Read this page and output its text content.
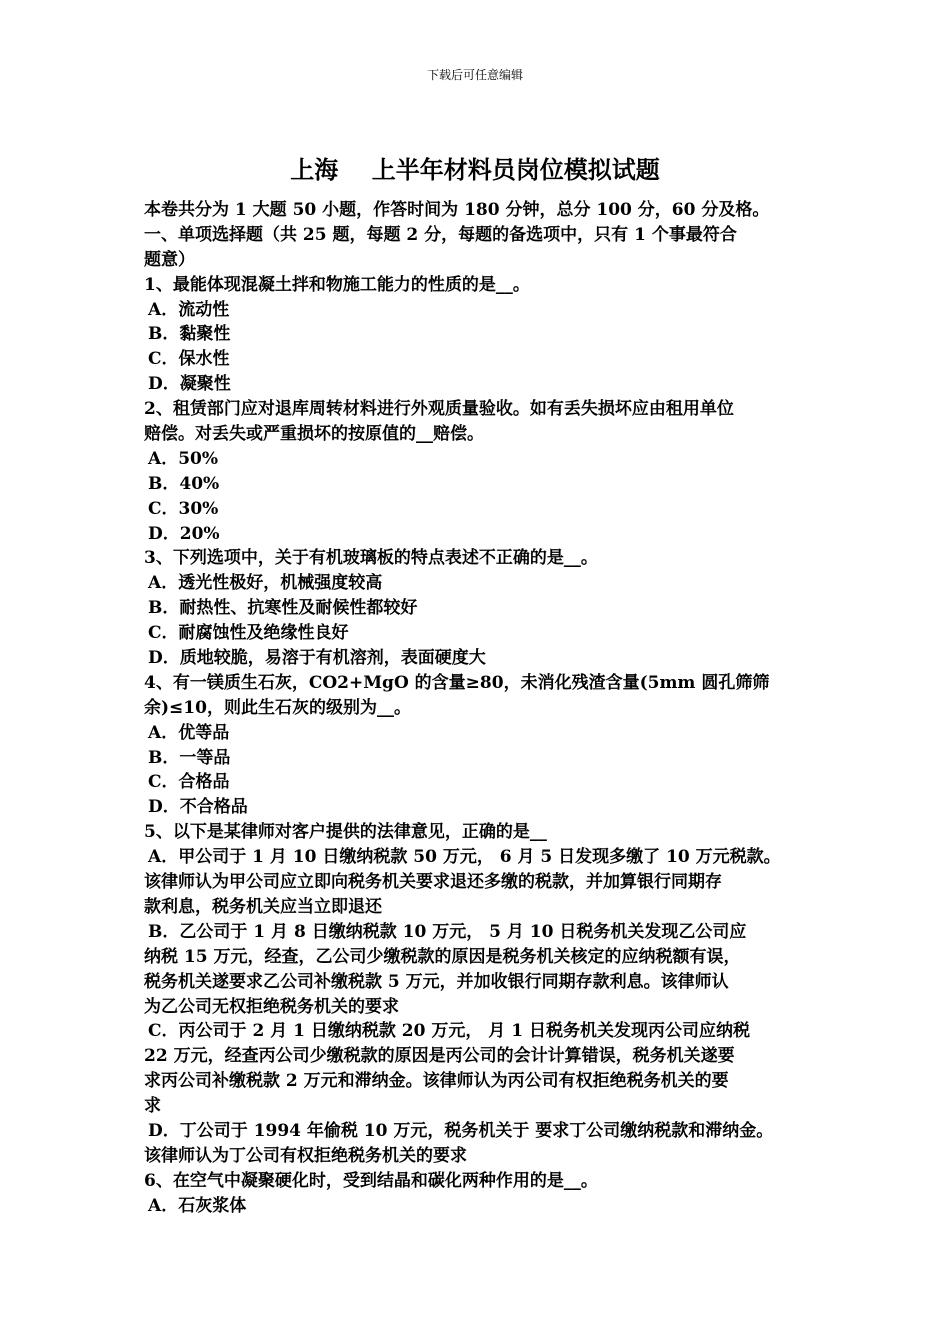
下载后可任意编辑
上海    上半年材料员岗位模拟试题
本卷共分为 1 大题 50 小题，作答时间为 180 分钟，总分 100 分，60 分及格。
一、单项选择题（共 25 题，每题 2 分，每题的备选项中，只有 1 个事最符合
题意）
1、最能体现混凝土拌和物施工能力的性质的是__。
A．流动性
B．黏聚性
C．保水性
D．凝聚性
2、租赁部门应对退库周转材料进行外观质量验收。如有丢失损坏应由租用单位
赔偿。对丢失或严重损坏的按原值的__赔偿。
A．50%
B．40%
C．30%
D．20%
3、下列选项中，关于有机玻璃板的特点表述不正确的是__。
A．透光性极好，机械强度较高
B．耐热性、抗寒性及耐候性都较好
C．耐腐蚀性及绝缘性良好
D．质地较脆，易溶于有机溶剂，表面硬度大
4、有一镁质生石灰，CO2+MgO 的含量≥80，未消化残渣含量(5mm 圆孔筛筛
余)≤10，则此生石灰的级别为__。
A．优等品
B．一等品
C．合格品
D．不合格品
5、以下是某律师对客户提供的法律意见，正确的是__
A．甲公司于 1 月 10 日缴纳税款 50 万元， 6 月 5 日发现多缴了 10 万元税款。
该律师认为甲公司应立即向税务机关要求退还多缴的税款，并加算银行同期存
款利息，税务机关应当立即退还
B．乙公司于 1 月 8 日缴纳税款 10 万元， 5 月 10 日税务机关发现乙公司应
纳税 15 万元，经查，乙公司少缴税款的原因是税务机关核定的应纳税额有误，
税务机关遂要求乙公司补缴税款 5 万元，并加收银行同期存款利息。该律师认
为乙公司无权拒绝税务机关的要求
C．丙公司于 2 月 1 日缴纳税款 20 万元， 月 1 日税务机关发现丙公司应纳税
22 万元，经查丙公司少缴税款的原因是丙公司的会计计算错误，税务机关遂要
求丙公司补缴税款 2 万元和滞纳金。该律师认为丙公司有权拒绝税务机关的要
求
D．丁公司于 1994 年偷税 10 万元，税务机关于 要求丁公司缴纳税款和滞纳金。
该律师认为丁公司有权拒绝税务机关的要求
6、在空气中凝聚硬化时，受到结晶和碳化两种作用的是__。
A．石灰浆体
